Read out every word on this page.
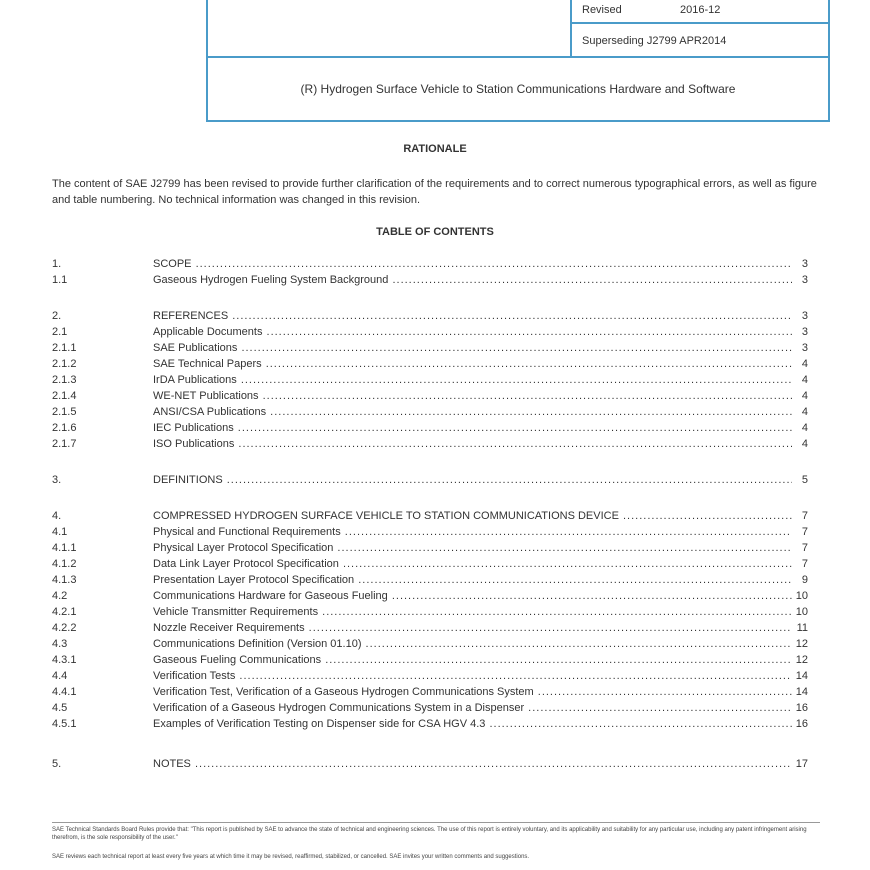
Revised	2016-12
Superseding J2799 APR2014
(R) Hydrogen Surface Vehicle to Station Communications Hardware and Software
RATIONALE
The content of SAE J2799 has been revised to provide further clarification of the requirements and to correct numerous typographical errors, as well as figure and table numbering. No technical information was changed in this revision.
TABLE OF CONTENTS
1.	SCOPE .....	3
1.1	Gaseous Hydrogen Fueling System Background .....	3
2.	REFERENCES .....	3
2.1	Applicable Documents .....	3
2.1.1	SAE Publications .....	3
2.1.2	SAE Technical Papers .....	4
2.1.3	IrDA Publications .....	4
2.1.4	WE-NET Publications .....	4
2.1.5	ANSI/CSA Publications .....	4
2.1.6	IEC Publications .....	4
2.1.7	ISO Publications .....	4
3.	DEFINITIONS .....	5
4.	COMPRESSED HYDROGEN SURFACE VEHICLE TO STATION COMMUNICATIONS DEVICE .....	7
4.1	Physical and Functional Requirements .....	7
4.1.1	Physical Layer Protocol Specification .....	7
4.1.2	Data Link Layer Protocol Specification .....	7
4.1.3	Presentation Layer Protocol Specification .....	9
4.2	Communications Hardware for Gaseous Fueling .....	10
4.2.1	Vehicle Transmitter Requirements .....	10
4.2.2	Nozzle Receiver Requirements .....	11
4.3	Communications Definition (Version 01.10) .....	12
4.3.1	Gaseous Fueling Communications .....	12
4.4	Verification Tests .....	14
4.4.1	Verification Test, Verification of a Gaseous Hydrogen Communications System .....	14
4.5	Verification of a Gaseous Hydrogen Communications System in a Dispenser .....	16
4.5.1	Examples of Verification Testing on Dispenser side for CSA HGV 4.3 .....	16
5.	NOTES .....	17
SAE Technical Standards Board Rules provide that: "This report is published by SAE to advance the state of technical and engineering sciences. The use of this report is entirely voluntary, and its applicability and suitability for any particular use, including any patent infringement arising therefrom, is the sole responsibility of the user."
SAE reviews each technical report at least every five years at which time it may be revised, reaffirmed, stabilized, or cancelled. SAE invites your written comments and suggestions.
